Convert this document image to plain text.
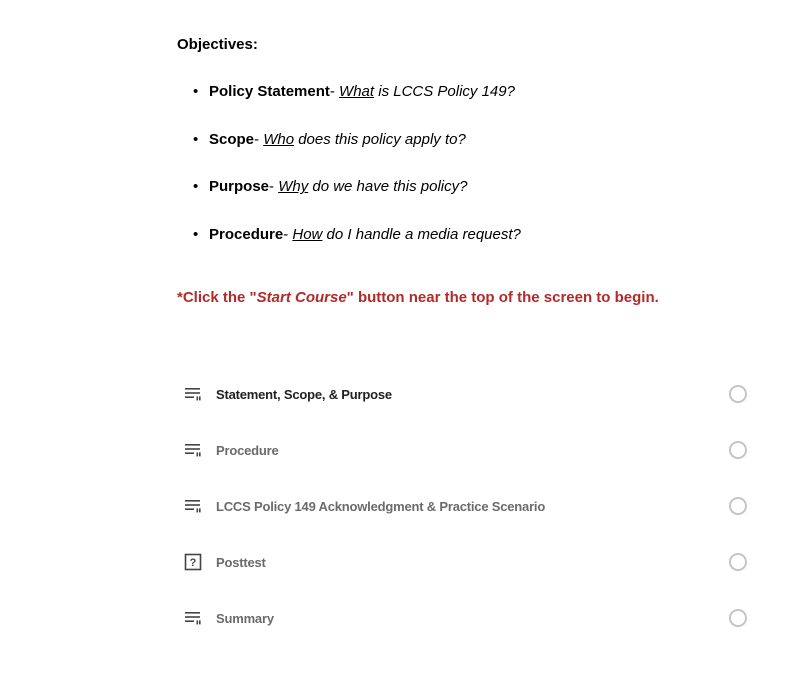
Objectives:
• Policy Statement- What is LCCS Policy 149?
• Scope- Who does this policy apply to?
• Purpose- Why do we have this policy?
• Procedure- How do I handle a media request?

*Click the "Start Course" button near the top of the screen to begin.

Statement, Scope, & Purpose
Procedure
LCCS Policy 149 Acknowledgment & Practice Scenario
? Posttest
Summary
